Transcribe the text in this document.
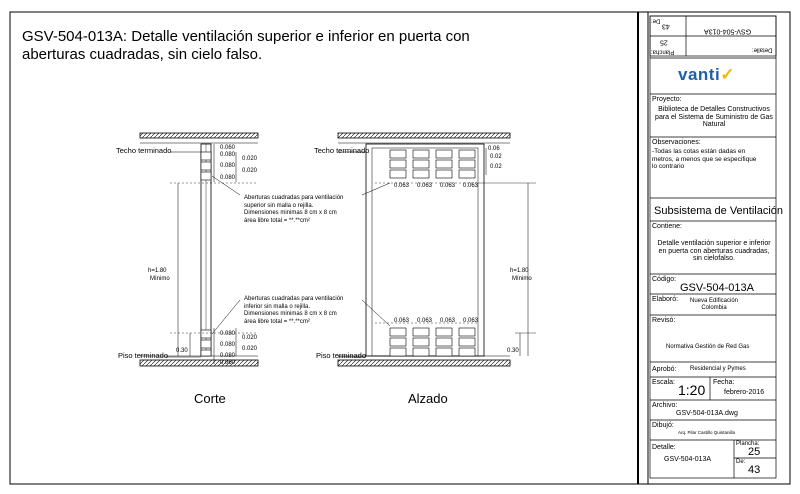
GSV-504-013A: Detalle ventilación superior e inferior en puerta con aberturas cuadradas, sin cielo falso.
Techo terminado
Piso terminado
0.060
0.080
0.020
0.080
0.020
0.080
0.080
0.020
0.080
0.020
0.080
0.060
h=1.80
Mínimo
0.30
Aberturas cuadradas para ventilación
superior sin malla o rejilla.
Dimensiones minimas 8 cm x 8 cm
área libre total = **.**cm²
Aberturas cuadradas para ventilación
inferior sin malla o rejilla.
Dimensiones minimas 8 cm x 8 cm
área libre total = **.**cm²
Corte
Techo terminado
Piso terminado
0.06
0.02
0.02
0.063 0.063 0.063 0.063
0.063 0.063 0.063 0.063
h=1.80
Mínimo
0.30
Alzado
De:
43
Plancha:
25
Detalle:
GSV-504-013A
vanti✓
Proyecto:
Biblioteca de Detalles Constructivos para el Sistema de Suministro de Gas Natural
Observaciones:
-Todas las cotas están dadas en metros, a menos que se especifique lo contrario
Subsistema de Ventilación
Contiene:
Detalle ventilación superior e inferior en puerta con aberturas cuadradas, sin cielofalso.
Código:
GSV-504-013A
Elaboró:	Nueva Edificación Colombia
Revisó:
Normativa Gestión de Red Gas
Aprobó: Residencial y Pymes
Escala: 1:20 Fecha:
febrero-2016
Archivo:
GSV-504-013A.dwg
Dibujó:
Arq. Pilar Castillo Quintanilla
Detalle:
GSV-504-013A
Plancha:
25
De:
43
